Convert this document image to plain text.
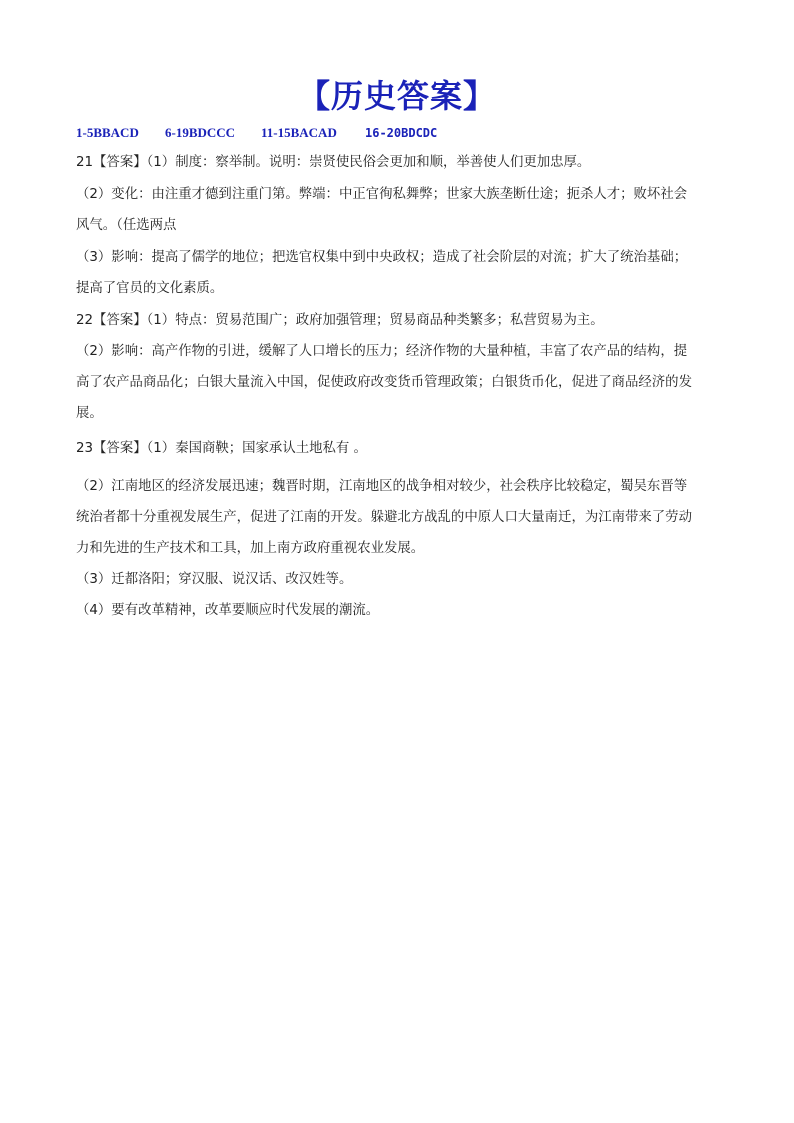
【历史答案】
1-5BBACD	6-19BDCCC	11-15BACAD	16-20BDCDC
21【答案】（1）制度：察举制。说明：崇贤使民俗会更加和顺，举善使人们更加忠厚。
（2）变化：由注重才德到注重门第。弊端：中正官徇私舞弊；世家大族垄断仕途；扼杀人才；败坏社会
风气。（任选两点
（3）影响：提高了儒学的地位；把选官权集中到中央政权；造成了社会阶层的对流；扩大了统治基础；
提高了官员的文化素质。
22【答案】（1）特点：贸易范围广；政府加强管理；贸易商品种类繁多；私营贸易为主。
（2）影响：高产作物的引进，缓解了人口增长的压力；经济作物的大量种植，丰富了农产品的结构，提
高了农产品商品化；白银大量流入中国，促使政府改变货币管理政策；白银货币化，促进了商品经济的发
展。
23【答案】（1）秦国商鞅；国家承认土地私有 。
（2）江南地区的经济发展迅速；魏晋时期，江南地区的战争相对较少，社会秩序比较稳定，蜀吴东晋等
统治者都十分重视发展生产，促进了江南的开发。躲避北方战乱的中原人口大量南迁，为江南带来了劳动
力和先进的生产技术和工具，加上南方政府重视农业发展。
（3）迁都洛阳；穿汉服、说汉话、改汉姓等。
（4）要有改革精神，改革要顺应时代发展的潮流。
